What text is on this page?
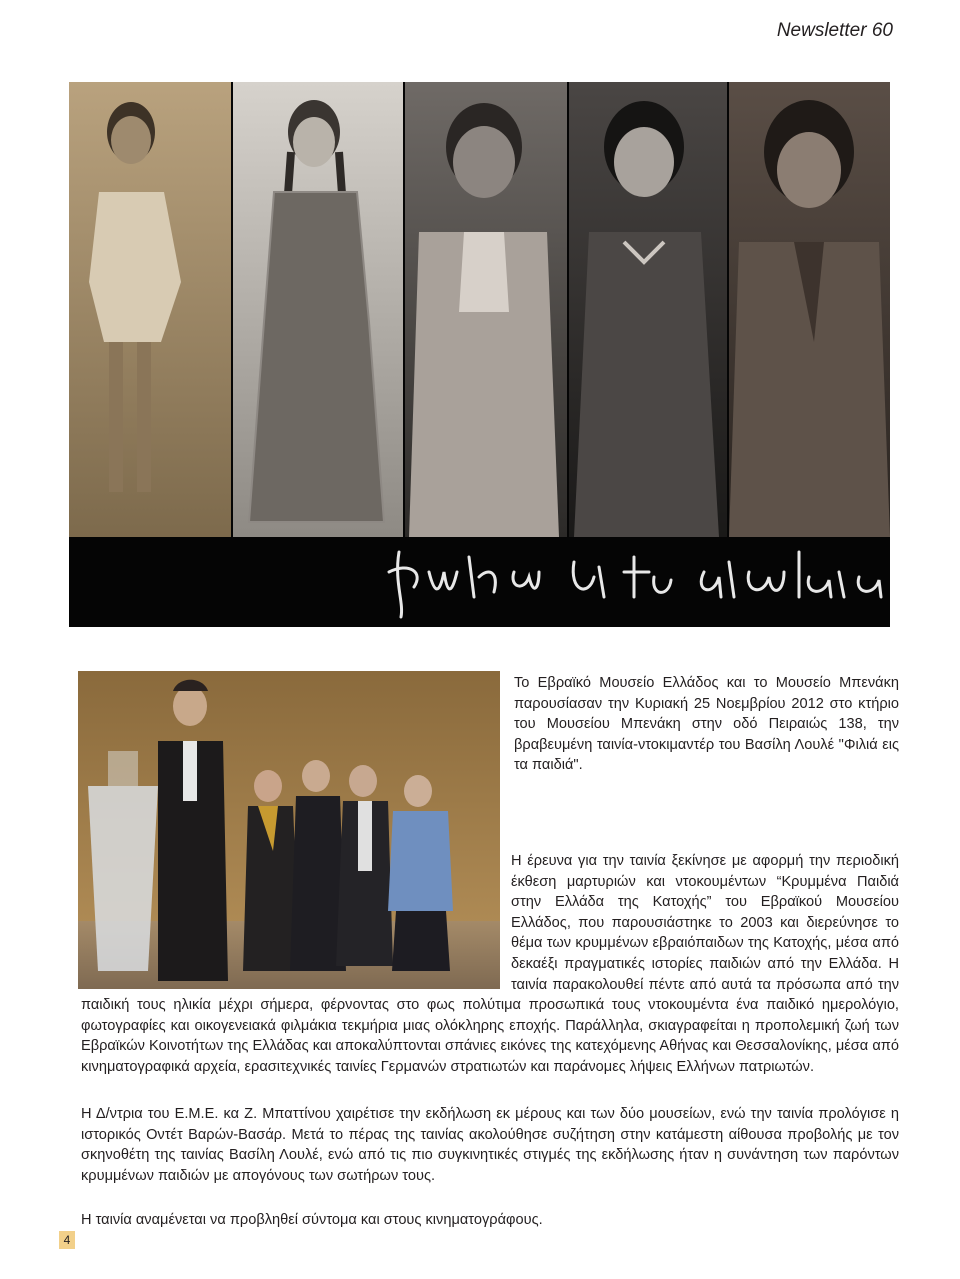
Newsletter 60

Το Εβραϊκό Μουσείο Ελλάδος και το Μουσείο Μπενάκη παρουσίασαν την Κυριακή 25 Νοεμβρίου 2012 στο κτήριο του Μουσείου Μπενάκη στην οδό Πειραιώς 138, την βραβευμένη ταινία-ντοκιμαντέρ του Βασίλη Λουλέ "Φιλιά εις τα παιδιά".

Η έρευνα για την ταινία ξεκίνησε με αφορμή την περιοδική έκθεση μαρτυριών και ντοκουμέντων “Κρυμμένα Παιδιά στην Ελλάδα της Κατοχής” του Εβραϊκού Μουσείου Ελλάδος, που παρουσιάστηκε το 2003 και διερεύνησε το θέμα των κρυμμένων εβραιόπαιδων της Κατοχής, μέσα από δεκαέξι πραγματικές ιστορίες παιδιών από την Ελλάδα. Η ταινία παρακολουθεί πέντε από αυτά τα πρόσωπα από την παιδική τους ηλικία μέχρι σήμερα, φέρνοντας στο φως πολύτιμα προσωπικά τους ντοκουμέντα ένα παιδικό ημερολόγιο, φωτογραφίες και οικογενειακά φιλμάκια τεκμήρια μιας ολόκληρης εποχής. Παράλληλα, σκιαγραφείται η προπολεμική ζωή των Εβραϊκών Κοινοτήτων της Ελλάδας και αποκαλύπτονται σπάνιες εικόνες της κατεχόμενης Αθήνας και Θεσσαλονίκης, μέσα από κινηματογραφικά αρχεία, ερασιτεχνικές ταινίες Γερμανών στρατιωτών και παράνομες λήψεις Ελλήνων πατριωτών.

Η Δ/ντρια του Ε.Μ.Ε. κα Ζ. Μπαττίνου χαιρέτισε την εκδήλωση εκ μέρους και των δύο μουσείων, ενώ την ταινία προλόγισε η ιστορικός Οντέτ Βαρών-Βασάρ. Μετά το πέρας της ταινίας ακολούθησε συζήτηση στην κατάμεστη αίθουσα προβολής με τον σκηνοθέτη της ταινίας Βασίλη Λουλέ, ενώ από τις πιο συγκινητικές στιγμές της εκδήλωσης ήταν η συνάντηση των παρόντων κρυμμένων παιδιών με απογόνους των σωτήρων τους.

Η ταινία αναμένεται να προβληθεί σύντομα και στους κινηματογράφους.

4
